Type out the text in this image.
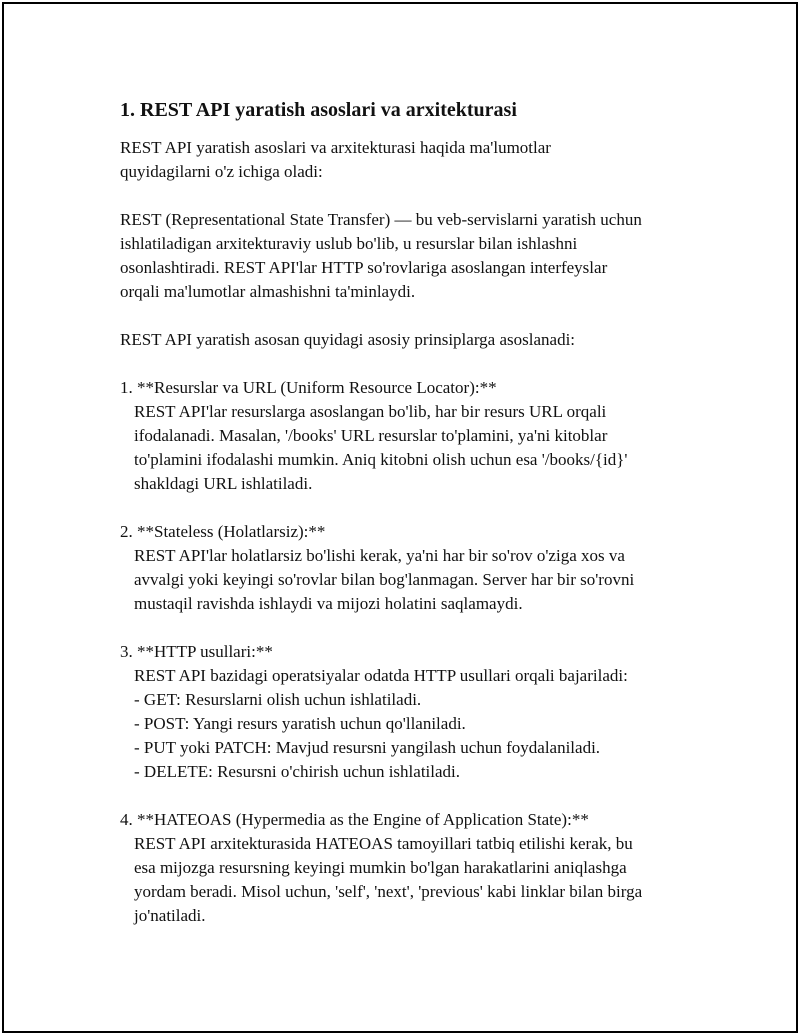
1. REST API yaratish asoslari va arxitekturasi

REST API yaratish asoslari va arxitekturasi haqida ma'lumotlar
quyidagilarni o'z ichiga oladi:

REST (Representational State Transfer) — bu veb-servislarni yaratish uchun
ishlatiladigan arxitekturaviy uslub bo'lib, u resurslar bilan ishlashni
osonlashtiradi. REST API'lar HTTP so'rovlariga asoslangan interfeyslar
orqali ma'lumotlar almashishni ta'minlaydi.

REST API yaratish asosan quyidagi asosiy prinsiplarga asoslanadi:

1. **Resurslar va URL (Uniform Resource Locator):**

REST API'lar resurslarga asoslangan bo'lib, har bir resurs URL orqali
ifodalanadi. Masalan, '/books' URL resurslar to'plamini, ya'ni kitoblar
to'plamini ifodalashi mumkin. Aniq kitobni olish uchun esa '/books/{id}'
shakldagi URL ishlatiladi.

2. **Stateless (Holatlarsiz):**

REST API'lar holatlarsiz bo'lishi kerak, ya'ni har bir so'rov o'ziga xos va
avvalgi yoki keyingi so'rovlar bilan bog'lanmagan. Server har bir so'rovni
mustaqil ravishda ishlaydi va mijozi holatini saqlamaydi.

3. **HTTP usullari:**

REST API bazidagi operatsiyalar odatda HTTP usullari orqali bajariladi:
- GET: Resurslarni olish uchun ishlatiladi.
- POST: Yangi resurs yaratish uchun qo'llaniladi.
- PUT yoki PATCH: Mavjud resursni yangilash uchun foydalaniladi.
- DELETE: Resursni o'chirish uchun ishlatiladi.

4. **HATEOAS (Hypermedia as the Engine of Application State):**

REST API arxitekturasida HATEOAS tamoyillari tatbiq etilishi kerak, bu
esa mijozga resursning keyingi mumkin bo'lgan harakatlarini aniqlashga
yordam beradi. Misol uchun, 'self', 'next', 'previous' kabi linklar bilan birga
jo'natiladi.
